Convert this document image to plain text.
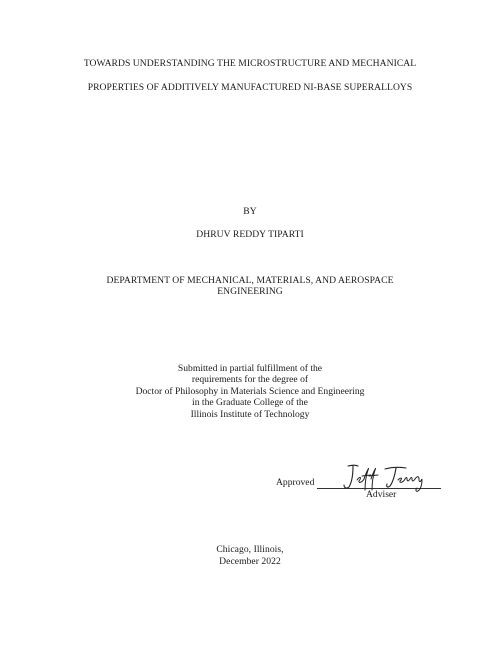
TOWARDS UNDERSTANDING THE MICROSTRUCTURE AND MECHANICAL
PROPERTIES OF ADDITIVELY MANUFACTURED NI-BASE SUPERALLOYS
BY
DHRUV REDDY TIPARTI
DEPARTMENT OF MECHANICAL, MATERIALS, AND AEROSPACE
ENGINEERING
Submitted in partial fulfillment of the
requirements for the degree of
Doctor of Philosophy in Materials Science and Engineering
in the Graduate College of the
Illinois Institute of Technology
Approved
Adviser
Chicago, Illinois,
December 2022
